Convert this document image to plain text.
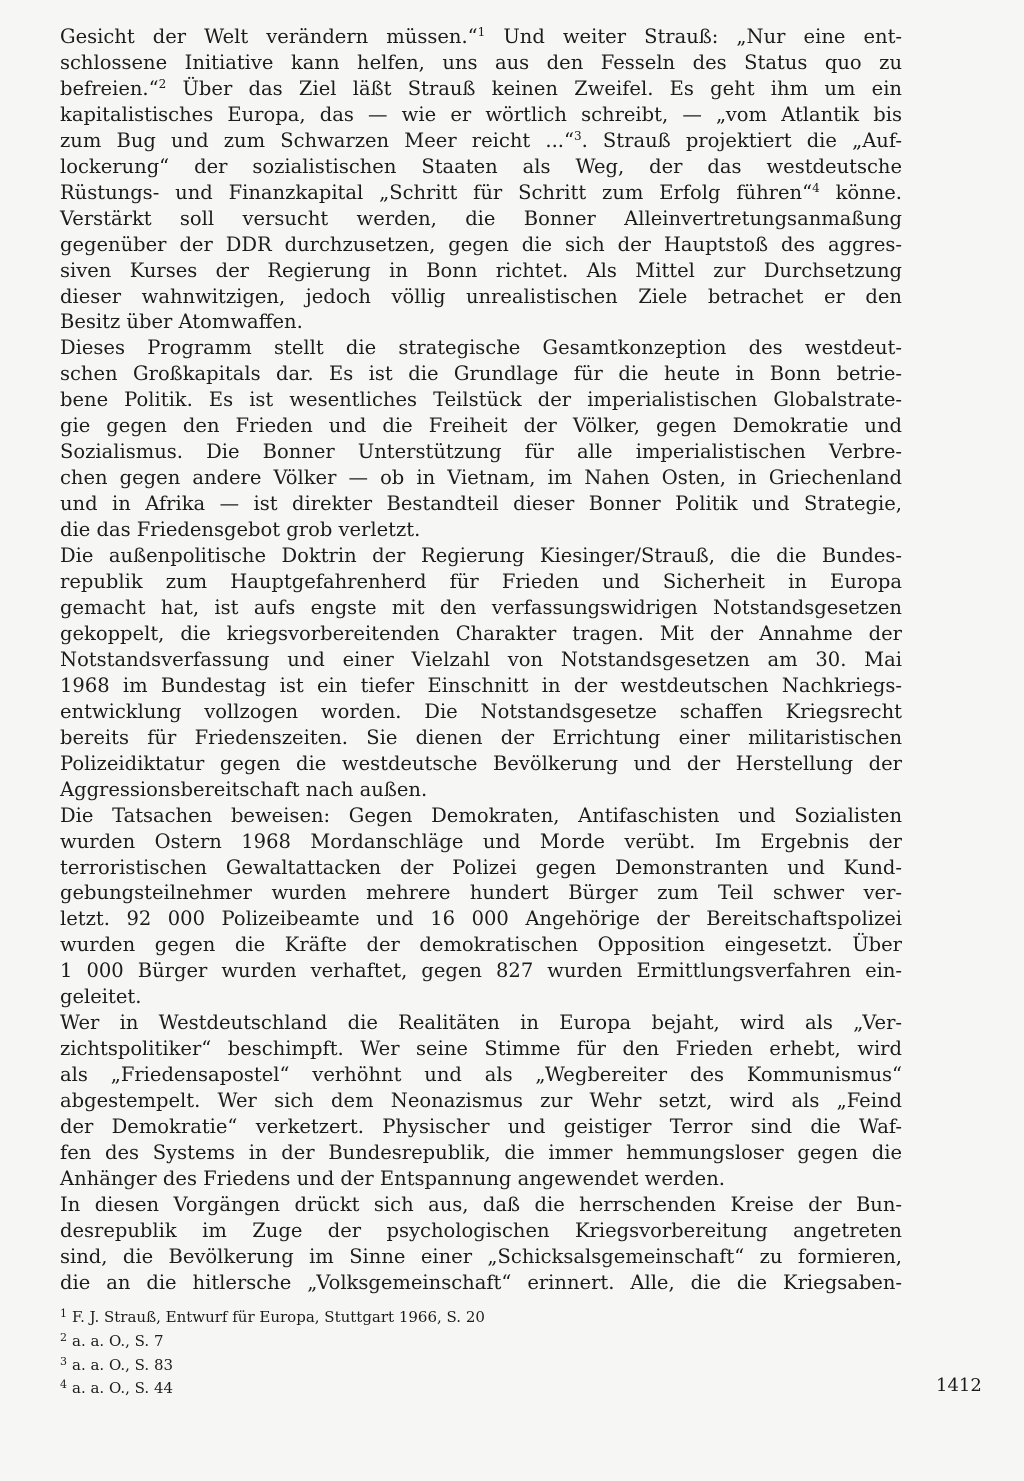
Gesicht der Welt verändern müssen.“$^1$ Und weiter Strauß: „Nur eine ent-
schlossene Initiative kann helfen, uns aus den Fesseln des Status quo zu
befreien.“$^2$ Über das Ziel läßt Strauß keinen Zweifel. Es geht ihm um ein
kapitalistisches Europa, das — wie er wörtlich schreibt, — „vom Atlantik bis
zum Bug und zum Schwarzen Meer reicht ...“$^3$. Strauß projektiert die „Auf-
lockerung“ der sozialistischen Staaten als Weg, der das westdeutsche
Rüstungs- und Finanzkapital „Schritt für Schritt zum Erfolg führen“$^4$ könne.
Verstärkt soll versucht werden, die Bonner Alleinvertretungsanmaßung
gegenüber der DDR durchzusetzen, gegen die sich der Hauptstoß des aggres-
siven Kurses der Regierung in Bonn richtet. Als Mittel zur Durchsetzung
dieser wahnwitzigen, jedoch völlig unrealistischen Ziele betrachet er den
Besitz über Atomwaffen.
Dieses Programm stellt die strategische Gesamtkonzeption des westdeut-
schen Großkapitals dar. Es ist die Grundlage für die heute in Bonn betrie-
bene Politik. Es ist wesentliches Teilstück der imperialistischen Globalstrate-
gie gegen den Frieden und die Freiheit der Völker, gegen Demokratie und
Sozialismus. Die Bonner Unterstützung für alle imperialistischen Verbre-
chen gegen andere Völker — ob in Vietnam, im Nahen Osten, in Griechenland
und in Afrika — ist direkter Bestandteil dieser Bonner Politik und Strategie,
die das Friedensgebot grob verletzt.
Die außenpolitische Doktrin der Regierung Kiesinger/Strauß, die die Bundes-
republik zum Hauptgefahrenherd für Frieden und Sicherheit in Europa
gemacht hat, ist aufs engste mit den verfassungswidrigen Notstandsgesetzen
gekoppelt, die kriegsvorbereitenden Charakter tragen. Mit der Annahme der
Notstandsverfassung und einer Vielzahl von Notstandsgesetzen am 30. Mai
1968 im Bundestag ist ein tiefer Einschnitt in der westdeutschen Nachkriegs-
entwicklung vollzogen worden. Die Notstandsgesetze schaffen Kriegsrecht
bereits für Friedenszeiten. Sie dienen der Errichtung einer militaristischen
Polizeidiktatur gegen die westdeutsche Bevölkerung und der Herstellung der
Aggressionsbereitschaft nach außen.
Die Tatsachen beweisen: Gegen Demokraten, Antifaschisten und Sozialisten
wurden Ostern 1968 Mordanschläge und Morde verübt. Im Ergebnis der
terroristischen Gewaltattacken der Polizei gegen Demonstranten und Kund-
gebungsteilnehmer wurden mehrere hundert Bürger zum Teil schwer ver-
letzt. 92 000 Polizeibeamte und 16 000 Angehörige der Bereitschaftspolizei
wurden gegen die Kräfte der demokratischen Opposition eingesetzt. Über
1 000 Bürger wurden verhaftet, gegen 827 wurden Ermittlungsverfahren ein-
geleitet.
Wer in Westdeutschland die Realitäten in Europa bejaht, wird als „Ver-
zichtspolitiker“ beschimpft. Wer seine Stimme für den Frieden erhebt, wird
als „Friedensapostel“ verhöhnt und als „Wegbereiter des Kommunismus“
abgestempelt. Wer sich dem Neonazismus zur Wehr setzt, wird als „Feind
der Demokratie“ verketzert. Physischer und geistiger Terror sind die Waf-
fen des Systems in der Bundesrepublik, die immer hemmungsloser gegen die
Anhänger des Friedens und der Entspannung angewendet werden.
In diesen Vorgängen drückt sich aus, daß die herrschenden Kreise der Bun-
desrepublik im Zuge der psychologischen Kriegsvorbereitung angetreten
sind, die Bevölkerung im Sinne einer „Schicksalsgemeinschaft“ zu formieren,
die an die hitlersche „Volksgemeinschaft“ erinnert. Alle, die die Kriegsaben-
$^1$ F. J. Strauß, Entwurf für Europa, Stuttgart 1966, S. 20
$^2$ a. a. O., S. 7
$^3$ a. a. O., S. 83
$^4$ a. a. O., S. 44	1412
